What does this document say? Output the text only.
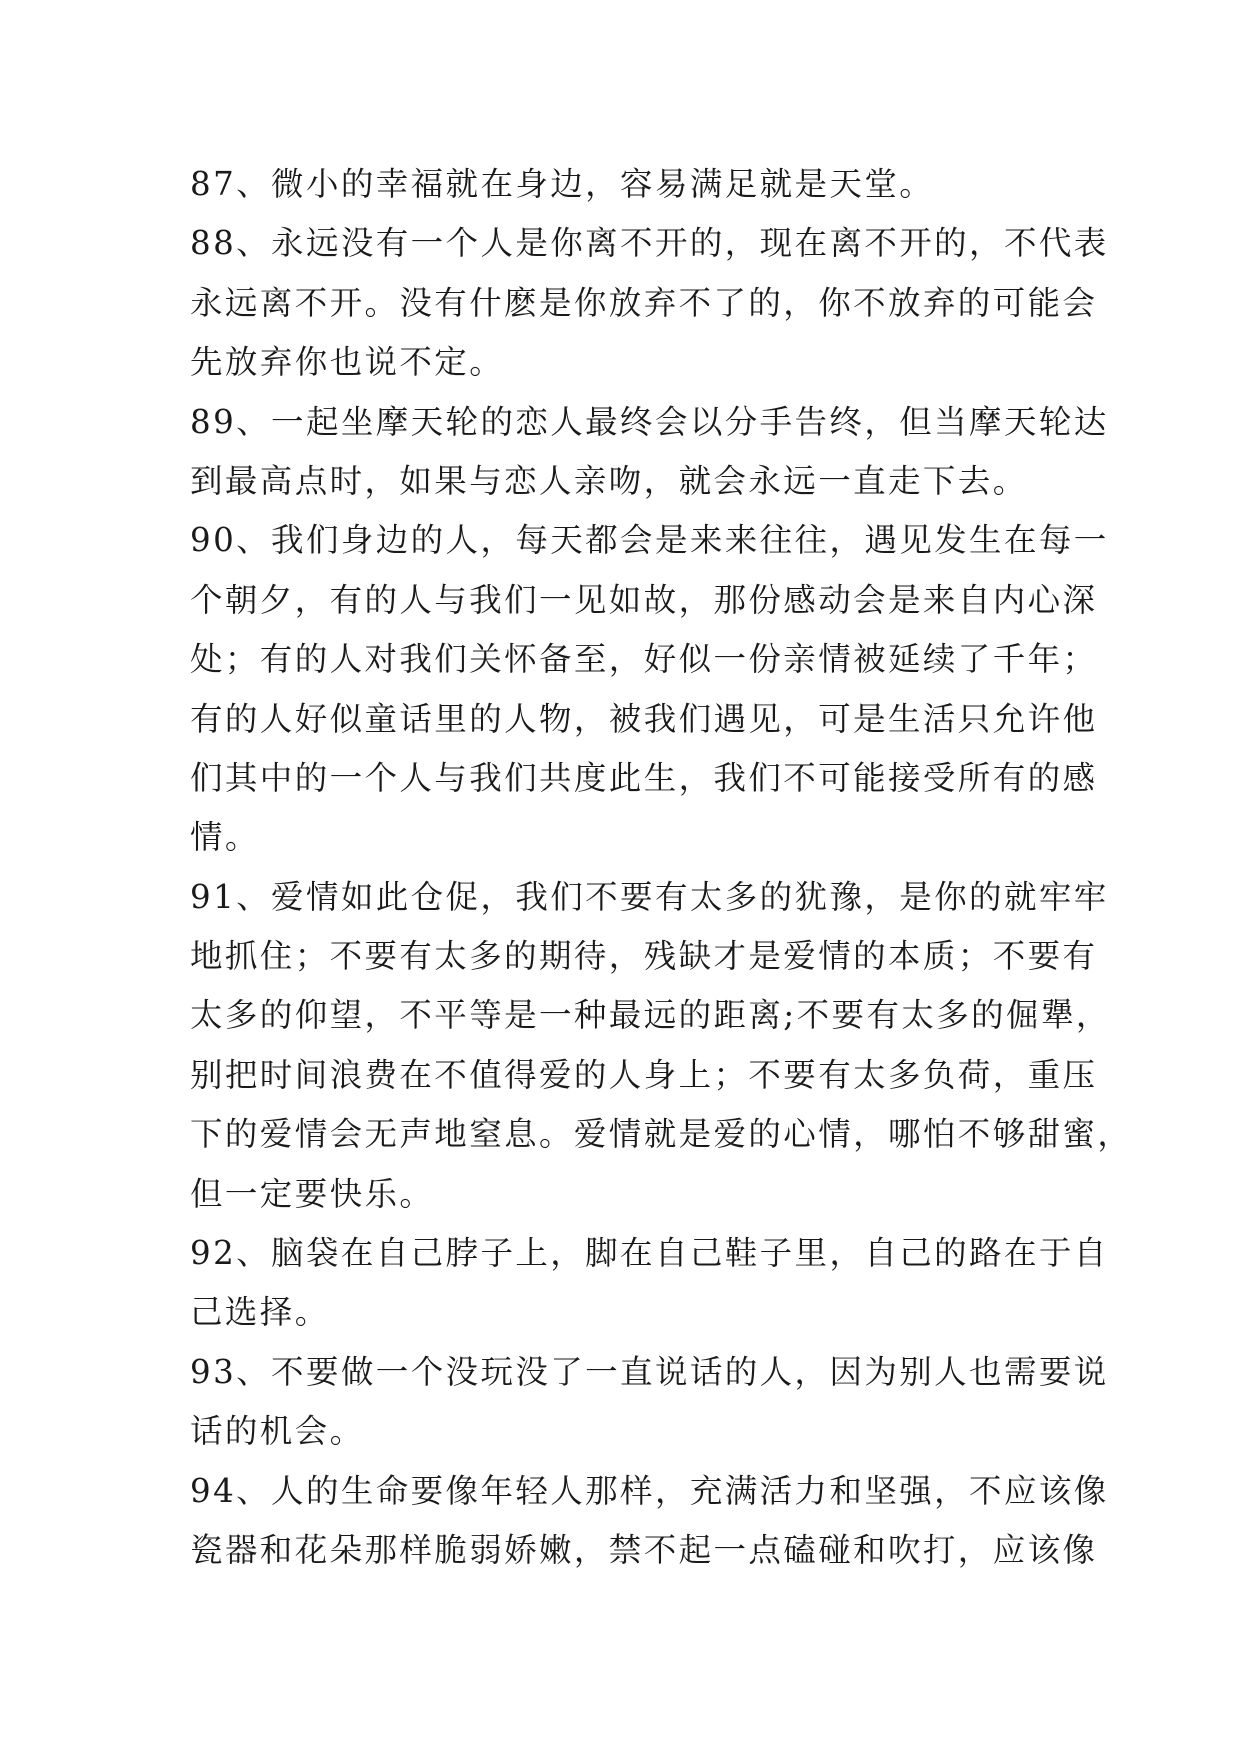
87、微小的幸福就在身边，容易满足就是天堂。
88、永远没有一个人是你离不开的，现在离不开的，不代表
永远离不开。没有什麽是你放弃不了的，你不放弃的可能会
先放弃你也说不定。
89、一起坐摩天轮的恋人最终会以分手告终，但当摩天轮达
到最高点时，如果与恋人亲吻，就会永远一直走下去。
90、我们身边的人，每天都会是来来往往，遇见发生在每一
个朝夕，有的人与我们一见如故，那份感动会是来自内心深
处；有的人对我们关怀备至，好似一份亲情被延续了千年；
有的人好似童话里的人物，被我们遇见，可是生活只允许他
们其中的一个人与我们共度此生，我们不可能接受所有的感
情。
91、爱情如此仓促，我们不要有太多的犹豫，是你的就牢牢
地抓住；不要有太多的期待，残缺才是爱情的本质；不要有
太多的仰望，不平等是一种最远的距离;不要有太多的倔犟，
别把时间浪费在不值得爱的人身上；不要有太多负荷，重压
下的爱情会无声地窒息。爱情就是爱的心情，哪怕不够甜蜜，
但一定要快乐。
92、脑袋在自己脖子上，脚在自己鞋子里，自己的路在于自
己选择。
93、不要做一个没玩没了一直说话的人，因为别人也需要说
话的机会。
94、人的生命要像年轻人那样，充满活力和坚强，不应该像
瓷器和花朵那样脆弱娇嫩，禁不起一点磕碰和吹打，应该像
